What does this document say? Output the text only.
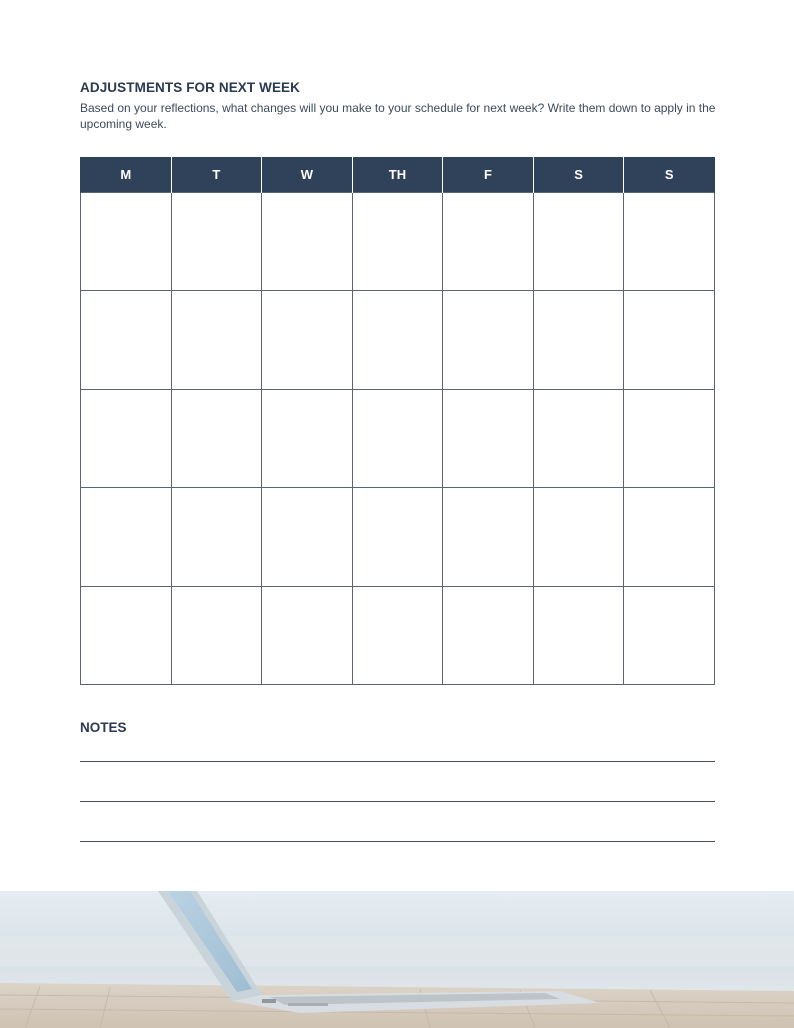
ADJUSTMENTS FOR NEXT WEEK

Based on your reflections, what changes will you make to your schedule for next week? Write them down to apply in the upcoming week.

M	T	W	TH	F	S	S

NOTES
